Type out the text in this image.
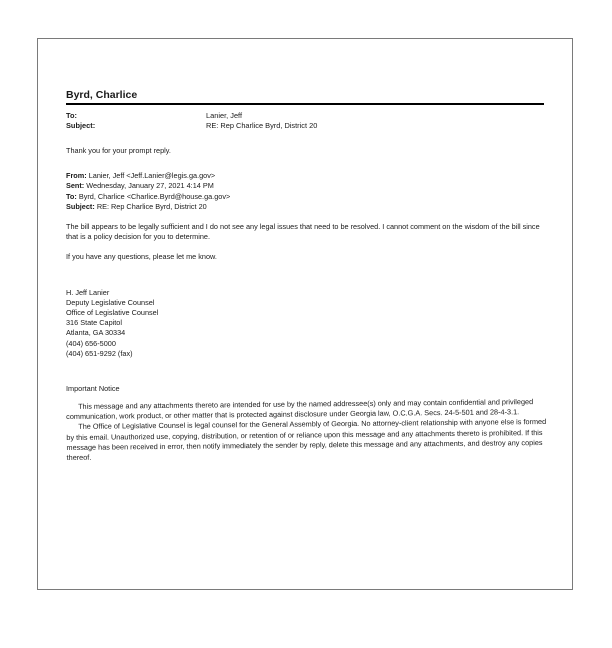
Byrd, Charlice
To:	Lanier, Jeff
Subject:	RE: Rep Charlice Byrd, District 20

Thank you for your prompt reply.

From: Lanier, Jeff <Jeff.Lanier@legis.ga.gov>

Sent: Wednesday, January 27, 2021 4:14 PM

To: Byrd, Charlice <Charlice.Byrd@house.ga.gov>

Subject: RE: Rep Charlice Byrd, District 20

The bill appears to be legally sufficient and I do not see any legal issues that need to be resolved. I cannot comment on the wisdom of the bill since that is a policy decision for you to determine.

If you have any questions, please let me know.

H. Jeff Lanier

Deputy Legislative Counsel

Office of Legislative Counsel

316 State Capitol

Atlanta, GA 30334

(404) 656-5000

(404) 651-9292 (fax)

Important Notice

This message and any attachments thereto are intended for use by the named addressee(s) only and may contain confidential and privileged communication, work product, or other matter that is protected against disclosure under Georgia law, O.C.G.A. Secs. 24-5-501 and 28-4-3.1.

The Office of Legislative Counsel is legal counsel for the General Assembly of Georgia. No attorney-client relationship with anyone else is formed by this email. Unauthorized use, copying, distribution, or retention of or reliance upon this message and any attachments thereto is prohibited. If this message has been received in error, then notify immediately the sender by reply, delete this message and any attachments, and destroy any copies thereof.
